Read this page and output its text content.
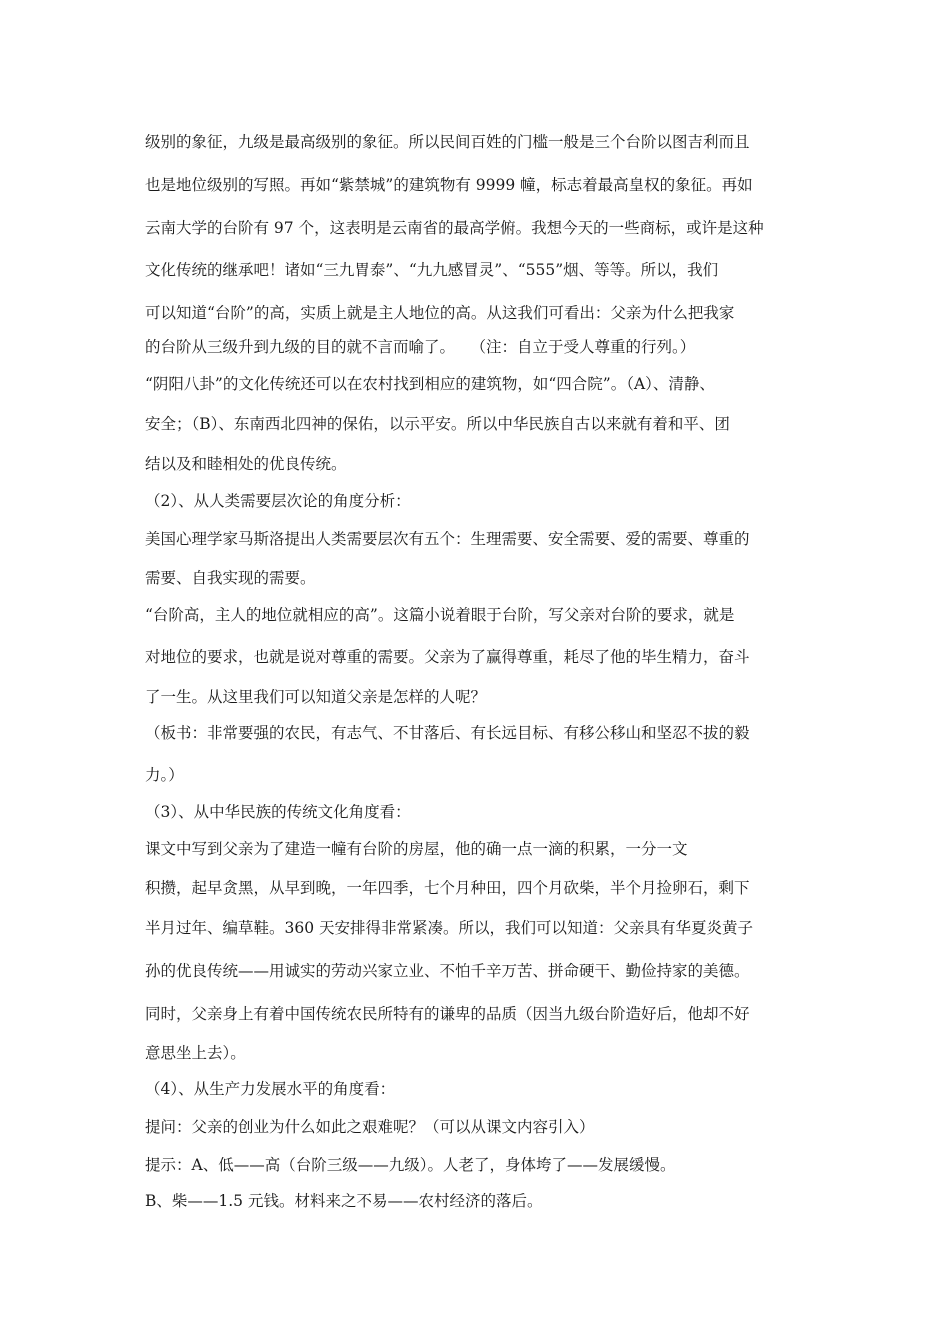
级别的象征，九级是最高级别的象征。所以民间百姓的门槛一般是三个台阶以图吉利而且
也是地位级别的写照。再如“紫禁城”的建筑物有 9999 幢，标志着最高皇权的象征。再如
云南大学的台阶有 97 个，这表明是云南省的最高学俯。我想今天的一些商标，或许是这种
文化传统的继承吧！诸如“三九胃泰”、“九九感冒灵”、“555”烟、等等。所以，我们
可以知道“台阶”的高，实质上就是主人地位的高。从这我们可看出：父亲为什么把我家
的台阶从三级升到九级的目的就不言而喻了。　　（注：自立于受人尊重的行列。）
“阴阳八卦”的文化传统还可以在农村找到相应的建筑物，如“四合院”。（A）、清静、
安全；（B）、东南西北四神的保佑，以示平安。所以中华民族自古以来就有着和平、团
结以及和睦相处的优良传统。
（2）、从人类需要层次论的角度分析：
美国心理学家马斯洛提出人类需要层次有五个：生理需要、安全需要、爱的需要、尊重的
需要、自我实现的需要。
“台阶高，主人的地位就相应的高”。这篇小说着眼于台阶，写父亲对台阶的要求，就是
对地位的要求，也就是说对尊重的需要。父亲为了赢得尊重，耗尽了他的毕生精力，奋斗
了一生。从这里我们可以知道父亲是怎样的人呢？
（板书：非常要强的农民，有志气、不甘落后、有长远目标、有移公移山和坚忍不拔的毅
力。）
（3）、从中华民族的传统文化角度看：
课文中写到父亲为了建造一幢有台阶的房屋，他的确一点一滴的积累，一分一文
积攒，起早贪黑，从早到晚，一年四季，七个月种田，四个月砍柴，半个月捡卵石，剩下
半月过年、编草鞋。360 天安排得非常紧凑。所以，我们可以知道：父亲具有华夏炎黄子
孙的优良传统——用诚实的劳动兴家立业、不怕千辛万苦、拼命硬干、勤俭持家的美德。
同时，父亲身上有着中国传统农民所特有的谦卑的品质（因当九级台阶造好后，他却不好
意思坐上去）。
（4）、从生产力发展水平的角度看：
提问：父亲的创业为什么如此之艰难呢？（可以从课文内容引入）
提示：A、低——高（台阶三级——九级）。人老了，身体垮了——发展缓慢。
B、柴——1.5 元钱。材料来之不易——农村经济的落后。
